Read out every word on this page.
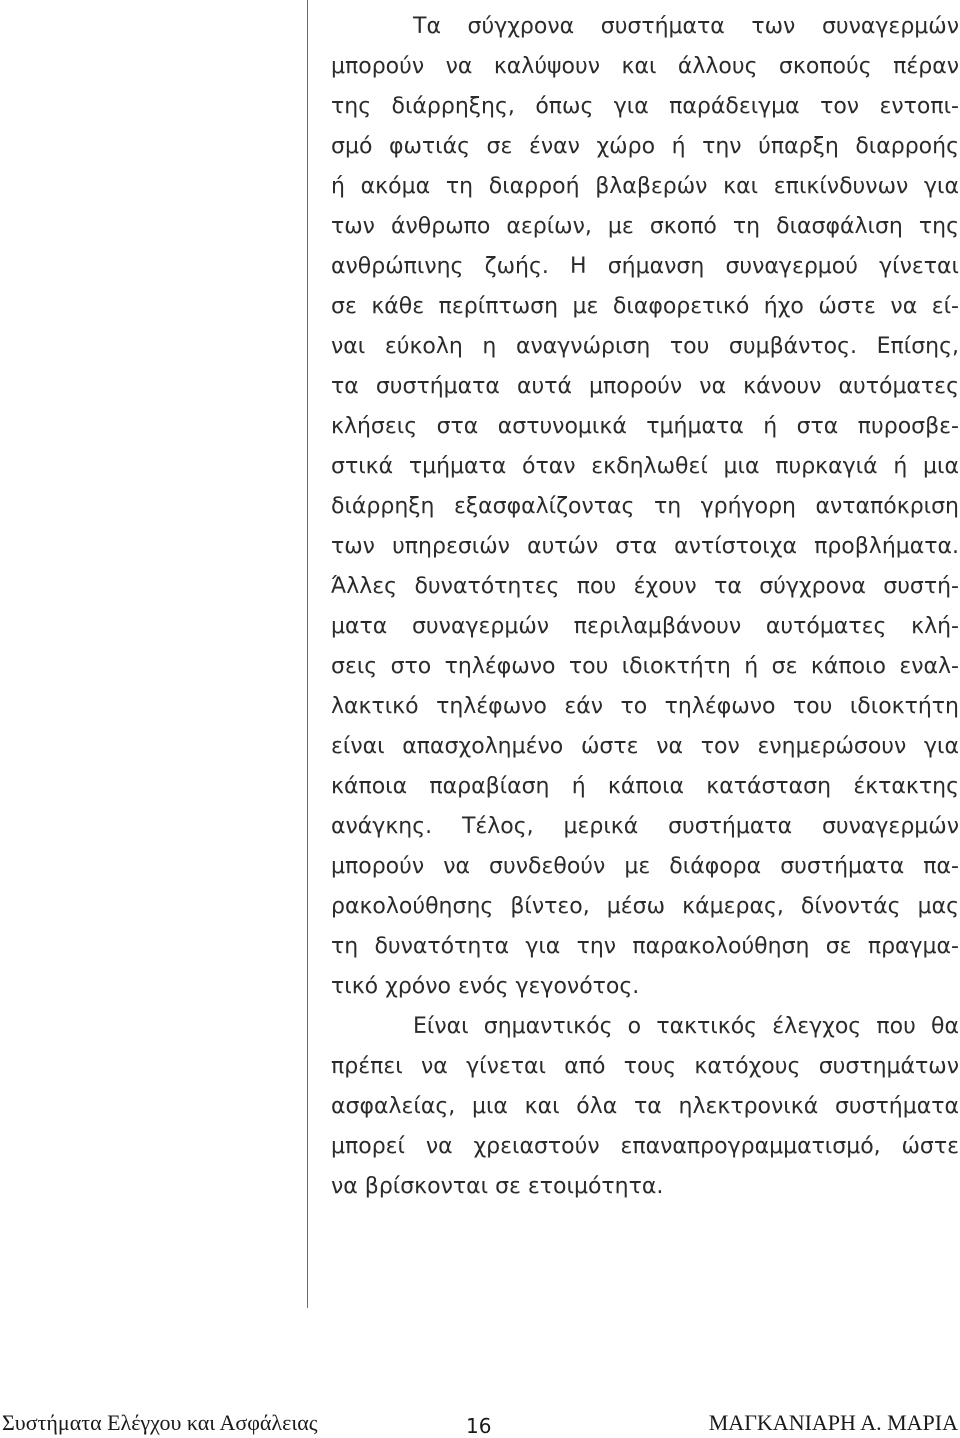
Τα σύγχρονα συστήματα των συναγερμών
μπορούν να καλύψουν και άλλους σκοπούς πέραν
της διάρρηξης, όπως για παράδειγμα τον εντοπι-
σμό φωτιάς σε έναν χώρο ή την ύπαρξη διαρροής
ή ακόμα τη διαρροή βλαβερών και επικίνδυνων για
των άνθρωπο αερίων, με σκοπό τη διασφάλιση της
ανθρώπινης ζωής. Η σήμανση συναγερμού γίνεται
σε κάθε περίπτωση με διαφορετικό ήχο ώστε να εί-
ναι εύκολη η αναγνώριση του συμβάντος. Επίσης,
τα συστήματα αυτά μπορούν να κάνουν αυτόματες
κλήσεις στα αστυνομικά τμήματα ή στα πυροσβε-
στικά τμήματα όταν εκδηλωθεί μια πυρκαγιά ή μια
διάρρηξη εξασφαλίζοντας τη γρήγορη ανταπόκριση
των υπηρεσιών αυτών στα αντίστοιχα προβλήματα.
Άλλες δυνατότητες που έχουν τα σύγχρονα συστή-
ματα συναγερμών περιλαμβάνουν αυτόματες κλή-
σεις στο τηλέφωνο του ιδιοκτήτη ή σε κάποιο εναλ-
λακτικό τηλέφωνο εάν το τηλέφωνο του ιδιοκτήτη
είναι απασχολημένο ώστε να τον ενημερώσουν για
κάποια παραβίαση ή κάποια κατάσταση έκτακτης
ανάγκης. Τέλος, μερικά συστήματα συναγερμών
μπορούν να συνδεθούν με διάφορα συστήματα πα-
ρακολούθησης βίντεο, μέσω κάμερας, δίνοντάς μας
τη δυνατότητα για την παρακολούθηση σε πραγμα-
τικό χρόνο ενός γεγονότος.
Είναι σημαντικός ο τακτικός έλεγχος που θα
πρέπει να γίνεται από τους κατόχους συστημάτων
ασφαλείας, μια και όλα τα ηλεκτρονικά συστήματα
μπορεί να χρειαστούν επαναπρογραμματισμό, ώστε
να βρίσκονται σε ετοιμότητα.
Συστήματα Ελέγχου και Ασφάλειας	16	ΜΑΓΚΑΝΙΑΡΗ Α. ΜΑΡΙΑ
